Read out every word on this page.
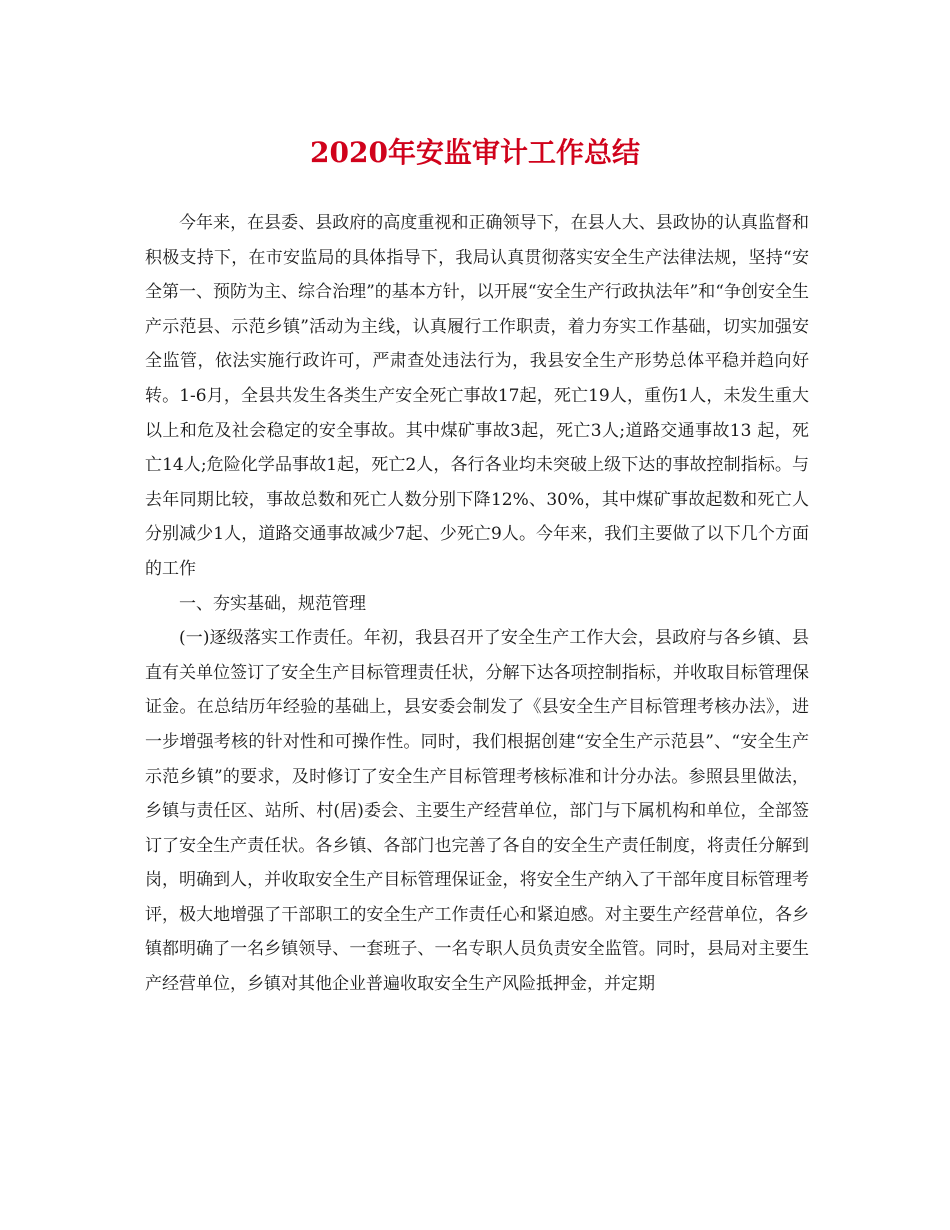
2020年安监审计工作总结

今年来，在县委、县政府的高度重视和正确领导下，在县人大、县政协的认真监督和积极支持下，在市安监局的具体指导下，我局认真贯彻落实安全生产法律法规，坚持“安全第一、预防为主、综合治理”的基本方针，以开展“安全生产行政执法年”和“争创安全生产示范县、示范乡镇”活动为主线，认真履行工作职责，着力夯实工作基础，切实加强安全监管，依法实施行政许可，严肃查处违法行为，我县安全生产形势总体平稳并趋向好转。1-6月，全县共发生各类生产安全死亡事故17起，死亡19人，重伤1人，未发生重大以上和危及社会稳定的安全事故。其中煤矿事故3起，死亡3人;道路交通事故13 起，死亡14人;危险化学品事故1起，死亡2人，各行各业均未突破上级下达的事故控制指标。与去年同期比较，事故总数和死亡人数分别下降12%、30%，其中煤矿事故起数和死亡人分别减少1人，道路交通事故减少7起、少死亡9人。今年来，我们主要做了以下几个方面的工作

一、夯实基础，规范管理

(一)逐级落实工作责任。年初，我县召开了安全生产工作大会，县政府与各乡镇、县直有关单位签订了安全生产目标管理责任状，分解下达各项控制指标，并收取目标管理保证金。在总结历年经验的基础上，县安委会制发了《县安全生产目标管理考核办法》，进一步增强考核的针对性和可操作性。同时，我们根据创建“安全生产示范县”、“安全生产示范乡镇”的要求，及时修订了安全生产目标管理考核标准和计分办法。参照县里做法，乡镇与责任区、站所、村(居)委会、主要生产经营单位，部门与下属机构和单位，全部签订了安全生产责任状。各乡镇、各部门也完善了各自的安全生产责任制度，将责任分解到岗，明确到人，并收取安全生产目标管理保证金，将安全生产纳入了干部年度目标管理考评，极大地增强了干部职工的安全生产工作责任心和紧迫感。对主要生产经营单位，各乡镇都明确了一名乡镇领导、一套班子、一名专职人员负责安全监管。同时，县局对主要生产经营单位，乡镇对其他企业普遍收取安全生产风险抵押金，并定期
